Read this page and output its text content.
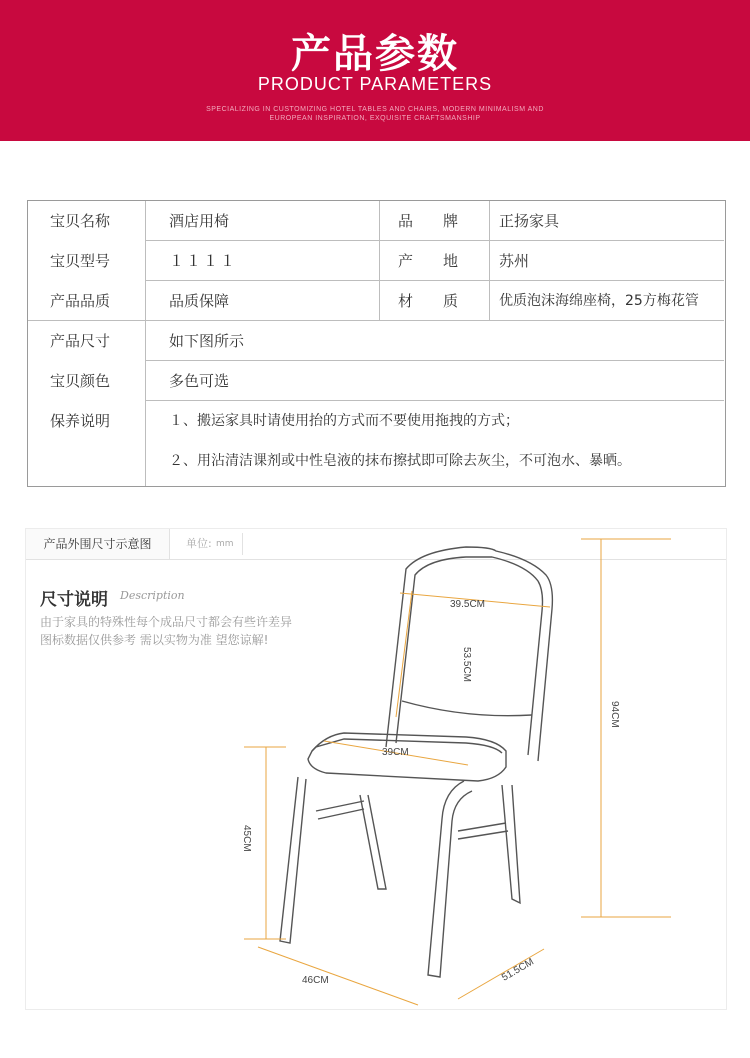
产品参数
PRODUCT PARAMETERS
SPECIALIZING IN CUSTOMIZING HOTEL TABLES AND CHAIRS, MODERN MINIMALISM AND
EUROPEAN INSPIRATION, EXQUISITE CRAFTSMANSHIP
宝贝名称	酒店用椅	品　　牌	正扬家具
宝贝型号	１１１１	产　　地	苏州
产品品质	品质保障	材　　质	优质泡沫海绵座椅，25方梅花管
产品尺寸	如下图所示
宝贝颜色	多色可选
保养说明	１、搬运家具时请使用抬的方式而不要使用拖拽的方式；
２、用沾清洁课剂或中性皂液的抹布擦拭即可除去灰尘，不可泡水、暴晒。
产品外围尺寸示意图	单位: mm
尺寸说明 Description
由于家具的特殊性每个成品尺寸都会有些许差异
图标数据仅供参考 需以实物为准 望您谅解!
39.5CM
53.5CM
39CM
94CM
45CM
46CM	51.5CM
